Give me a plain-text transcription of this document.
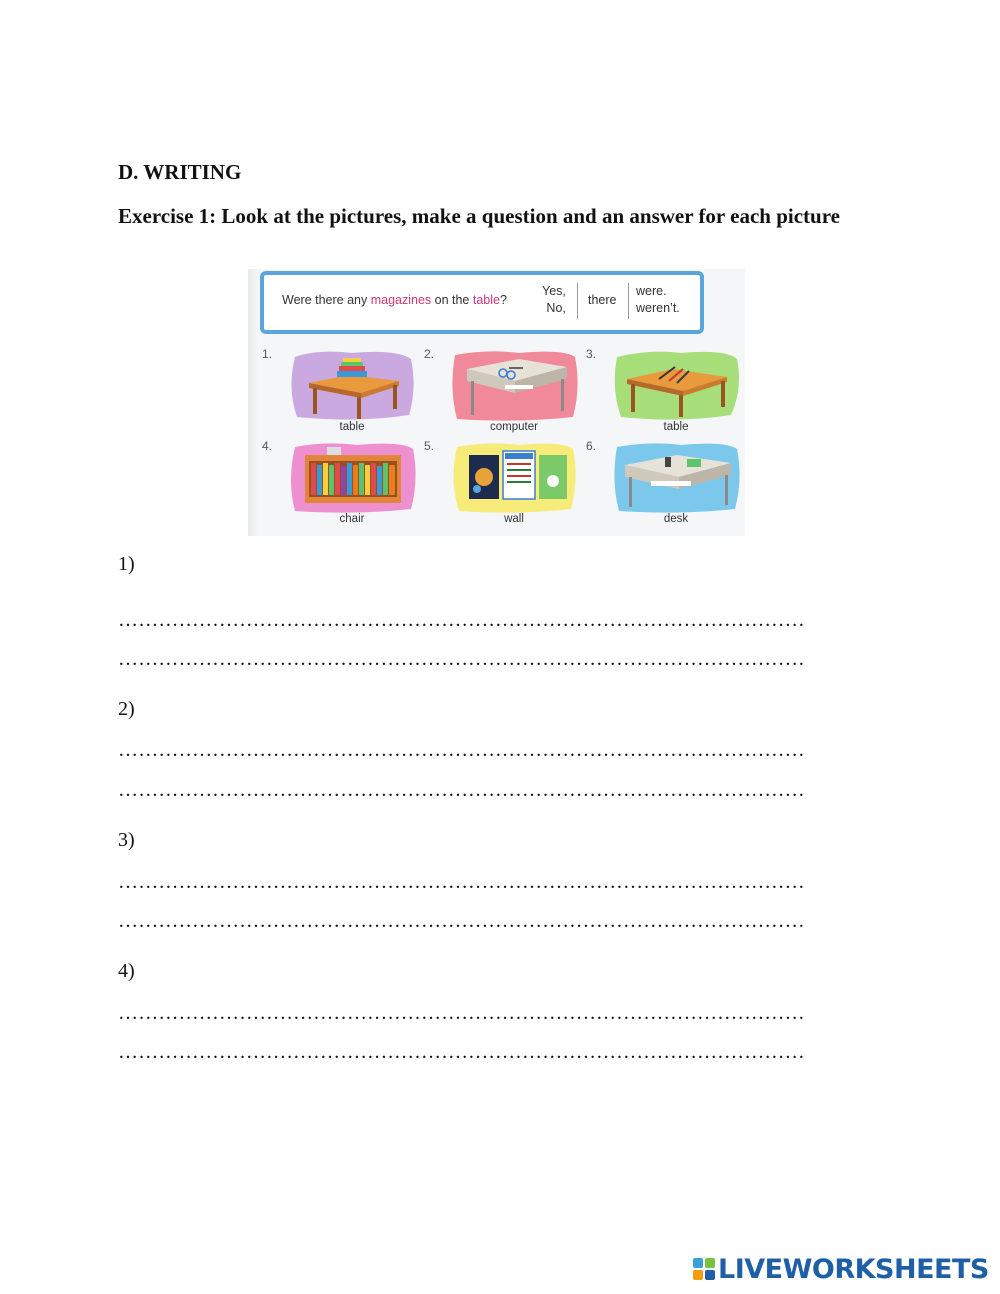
D. WRITING
Exercise 1: Look at the pictures, make a question and an answer for each picture
Were there any magazines on the table?
Yes,
No,
there
were.
weren’t.
1.
table
2.
computer
3.
table
4.
chair
5.
wall
6.
desk
1)
…………………………………………………………………………………………
…………………………………………………………………………………………
2)
…………………………………………………………………………………………
…………………………………………………………………………………………
3)
…………………………………………………………………………………………
…………………………………………………………………………………………
4)
…………………………………………………………………………………………
…………………………………………………………………………………………
LIVEWORKSHEETS
